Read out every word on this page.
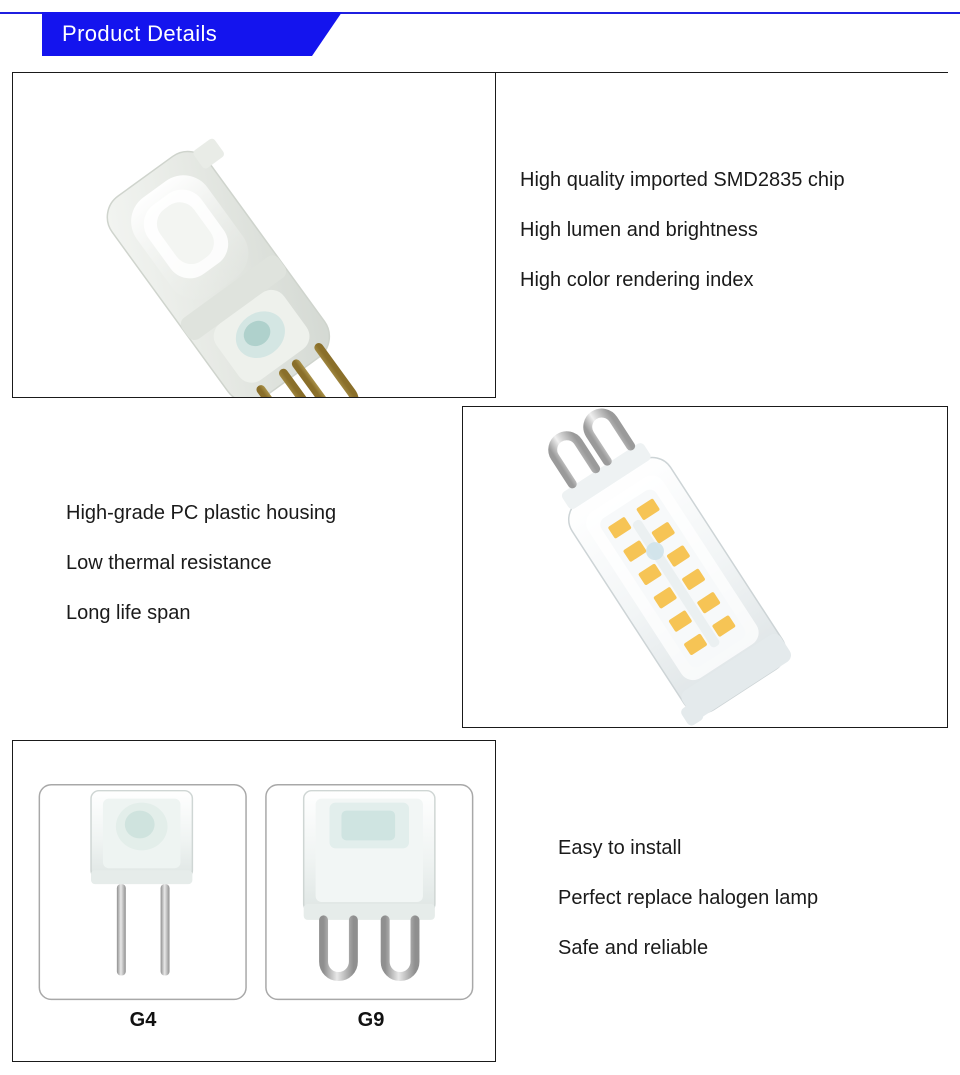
Product Details
High quality imported SMD2835 chip
High lumen and brightness
High color rendering index
High-grade PC plastic housing
Low thermal resistance
Long life span
G4	G9
Easy to install
Perfect replace halogen lamp
Safe and reliable
